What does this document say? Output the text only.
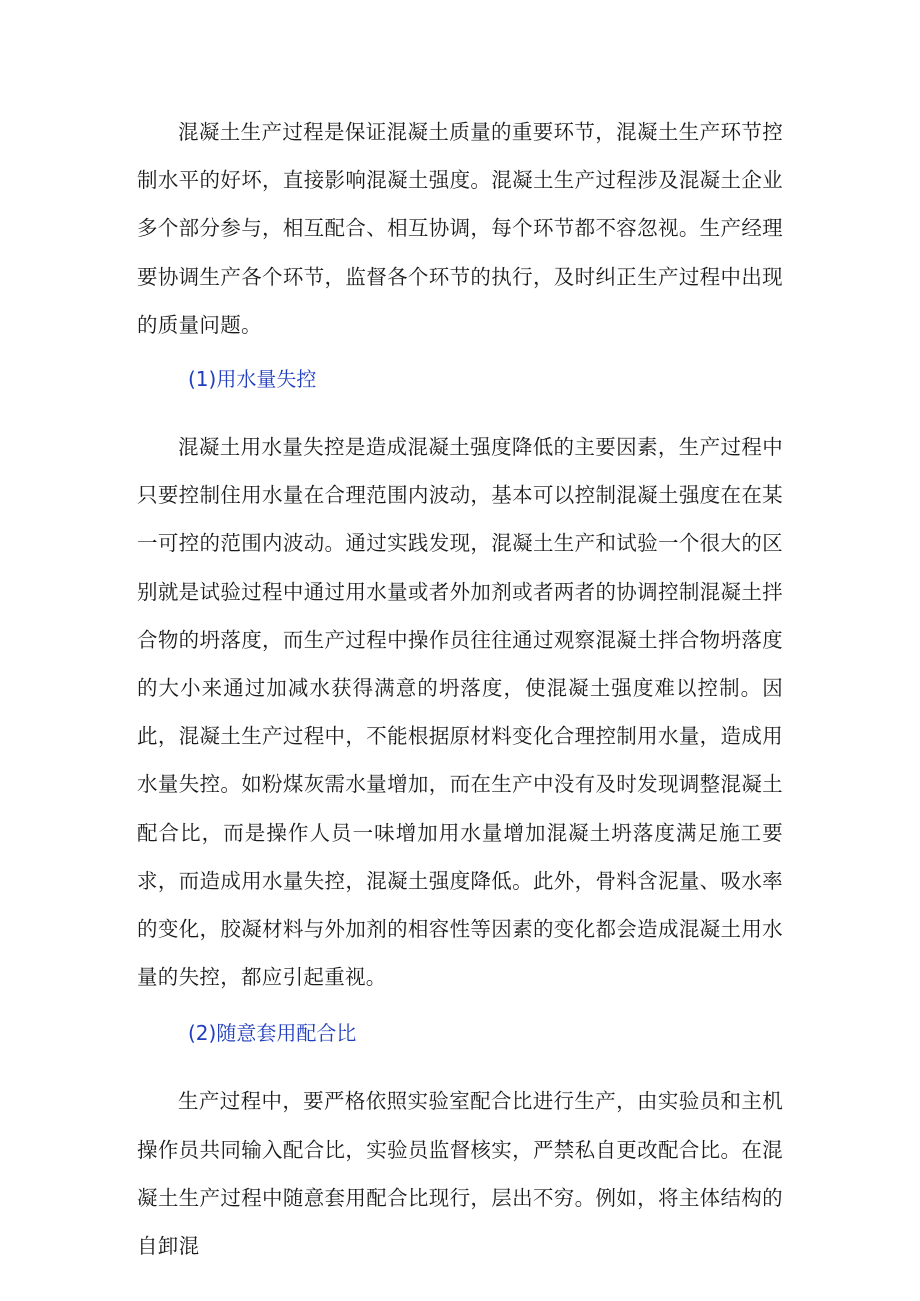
混凝土生产过程是保证混凝土质量的重要环节，混凝土生产环节控制水平的好坏，直接影响混凝土强度。混凝土生产过程涉及混凝土企业多个部分参与，相互配合、相互协调，每个环节都不容忽视。生产经理要协调生产各个环节，监督各个环节的执行，及时纠正生产过程中出现的质量问题。

(1)用水量失控

混凝土用水量失控是造成混凝土强度降低的主要因素，生产过程中只要控制住用水量在合理范围内波动，基本可以控制混凝土强度在在某一可控的范围内波动。通过实践发现，混凝土生产和试验一个很大的区别就是试验过程中通过用水量或者外加剂或者两者的协调控制混凝土拌合物的坍落度，而生产过程中操作员往往通过观察混凝土拌合物坍落度的大小来通过加减水获得满意的坍落度，使混凝土强度难以控制。因此，混凝土生产过程中，不能根据原材料变化合理控制用水量，造成用水量失控。如粉煤灰需水量增加，而在生产中没有及时发现调整混凝土配合比，而是操作人员一味增加用水量增加混凝土坍落度满足施工要求，而造成用水量失控，混凝土强度降低。此外，骨料含泥量、吸水率的变化，胶凝材料与外加剂的相容性等因素的变化都会造成混凝土用水量的失控，都应引起重视。

(2)随意套用配合比

生产过程中，要严格依照实验室配合比进行生产，由实验员和主机操作员共同输入配合比，实验员监督核实，严禁私自更改配合比。在混凝土生产过程中随意套用配合比现行，层出不穷。例如，将主体结构的自卸混
